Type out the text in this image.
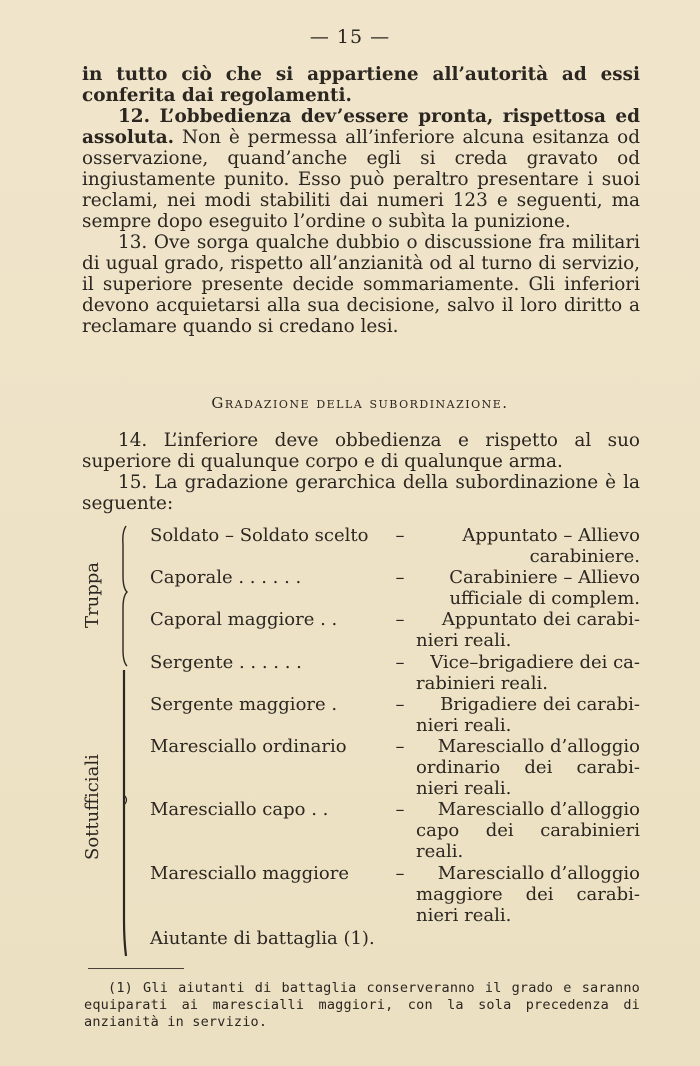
— 15 —

in tutto ciò che si appartiene all’autorità ad essi conferita dai regolamenti.

12. L’obbedienza dev’essere pronta, rispettosa ed assoluta. Non è permessa all’inferiore alcuna esitanza od osservazione, quand’anche egli si creda gravato od ingiustamente punito. Esso può peraltro presentare i suoi reclami, nei modi stabiliti dai numeri 123 e seguenti, ma sempre dopo eseguito l’ordine o subìta la punizione.

13. Ove sorga qualche dubbio o discussione fra militari di ugual grado, rispetto all’anzianità od al turno di servizio, il superiore presente decide sommariamente. Gli inferiori devono acquietarsi alla sua decisione, salvo il loro diritto a reclamare quando si credano lesi.

Gradazione della subordinazione.

14. L’inferiore deve obbedienza e rispetto al suo superiore di qualunque corpo e di qualunque arma.

15. La gradazione gerarchica della subordinazione è la seguente:

Truppa
Sottufficiali
Soldato – Soldato scelto –	Appuntato – Allievo
carabiniere.
Caporale . . . . . .	–	Carabiniere – Allievo
ufficiale di complem.
Caporal maggiore . .	–	Appuntato dei carabi-
nieri reali.
Sergente . . . . . .	–	Vice–brigadiere dei ca-
rabinieri reali.
Sergente maggiore .	–	Brigadiere dei carabi-
nieri reali.
Maresciallo ordinario	–	Maresciallo d’alloggio
ordinario dei carabi-
nieri reali.
Maresciallo capo . .	–	Maresciallo d’alloggio
capo dei carabinieri
reali.
Maresciallo maggiore	–	Maresciallo d’alloggio
maggiore dei carabi-
nieri reali.
Aiutante di battaglia (1).

(1) Gli aiutanti di battaglia conserveranno il grado e saranno equiparati ai marescialli maggiori, con la sola precedenza di anzianità in servizio.
